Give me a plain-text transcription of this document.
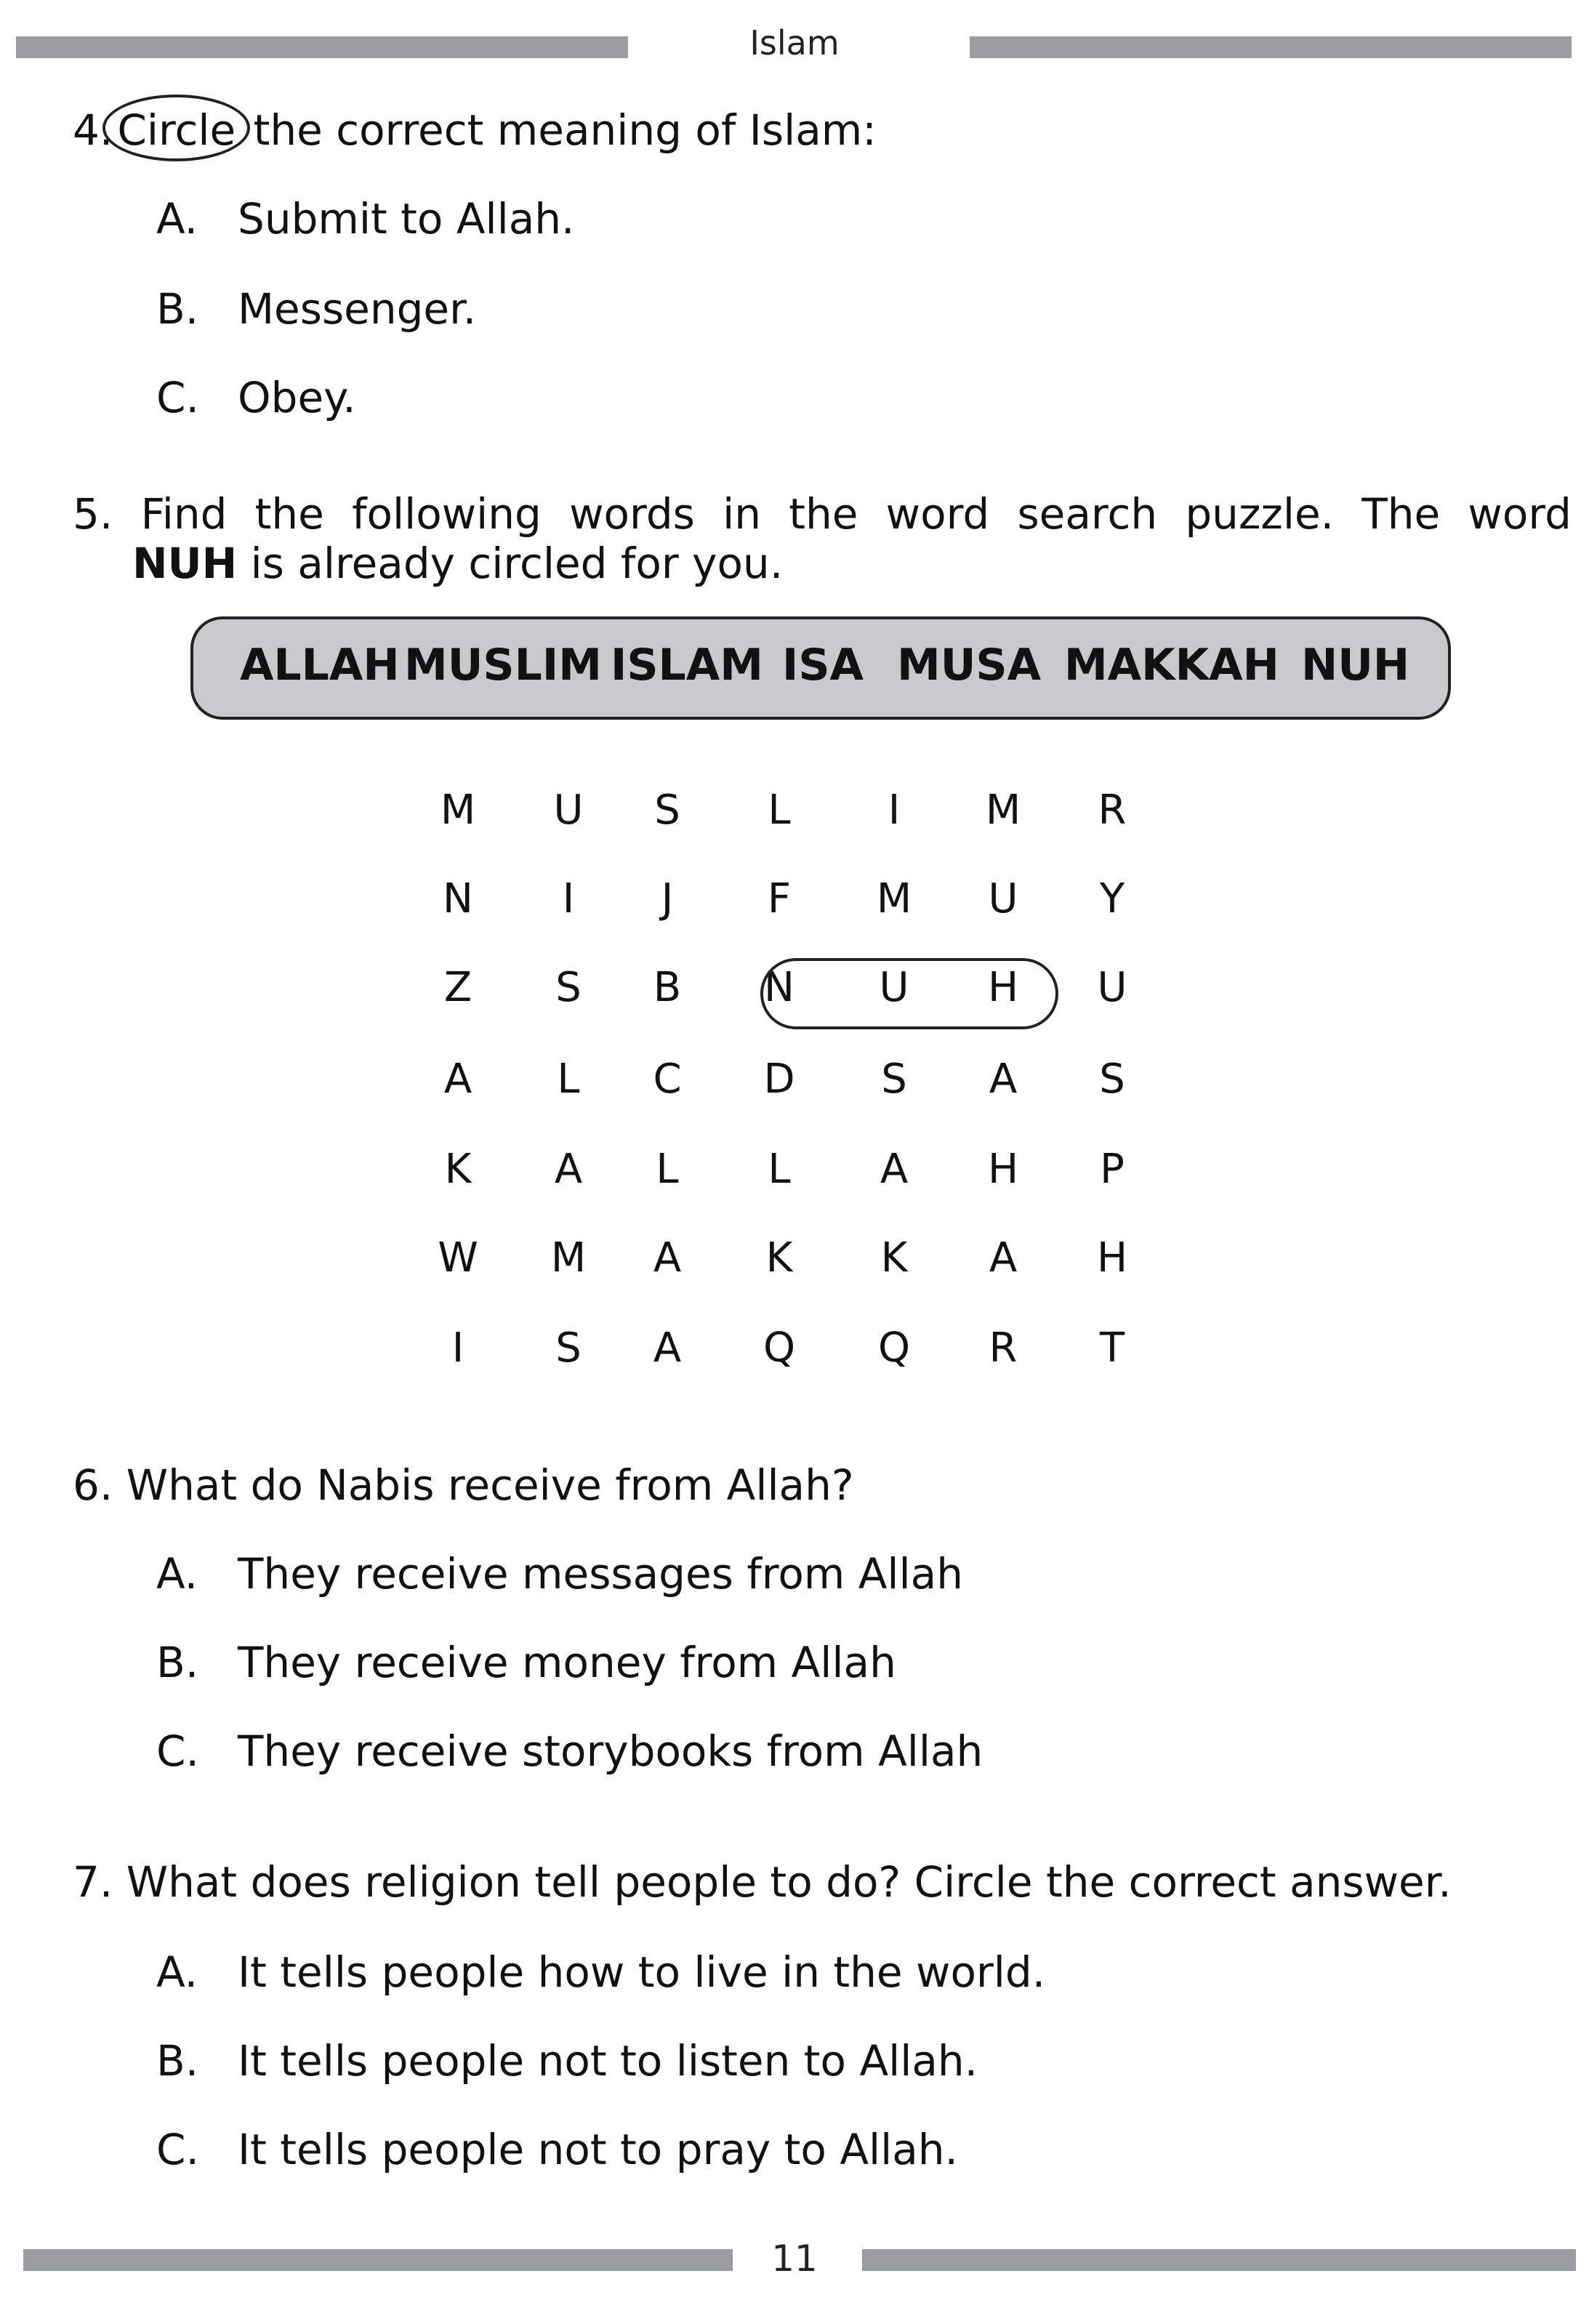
Islam
4. Circle the correct meaning of Islam:
A. Submit to Allah.
B. Messenger.
C. Obey.
5. Find the following words in the word search puzzle. The word
NUH is already circled for you.
ALLAH MUSLIM ISLAM ISA MUSA MAKKAH NUH
M U S L	I	M R
N	I	J	F M U Y
Z S B N U H U
A L C D S A S
K A L L A H P
W M A K K A H
I	S A Q Q R T
6. What do Nabis receive from Allah?
A. They receive messages from Allah
B. They receive money from Allah
C. They receive storybooks from Allah
7. What does religion tell people to do? Circle the correct answer.
A. It tells people how to live in the world.
B. It tells people not to listen to Allah.
C. It tells people not to pray to Allah.
11
